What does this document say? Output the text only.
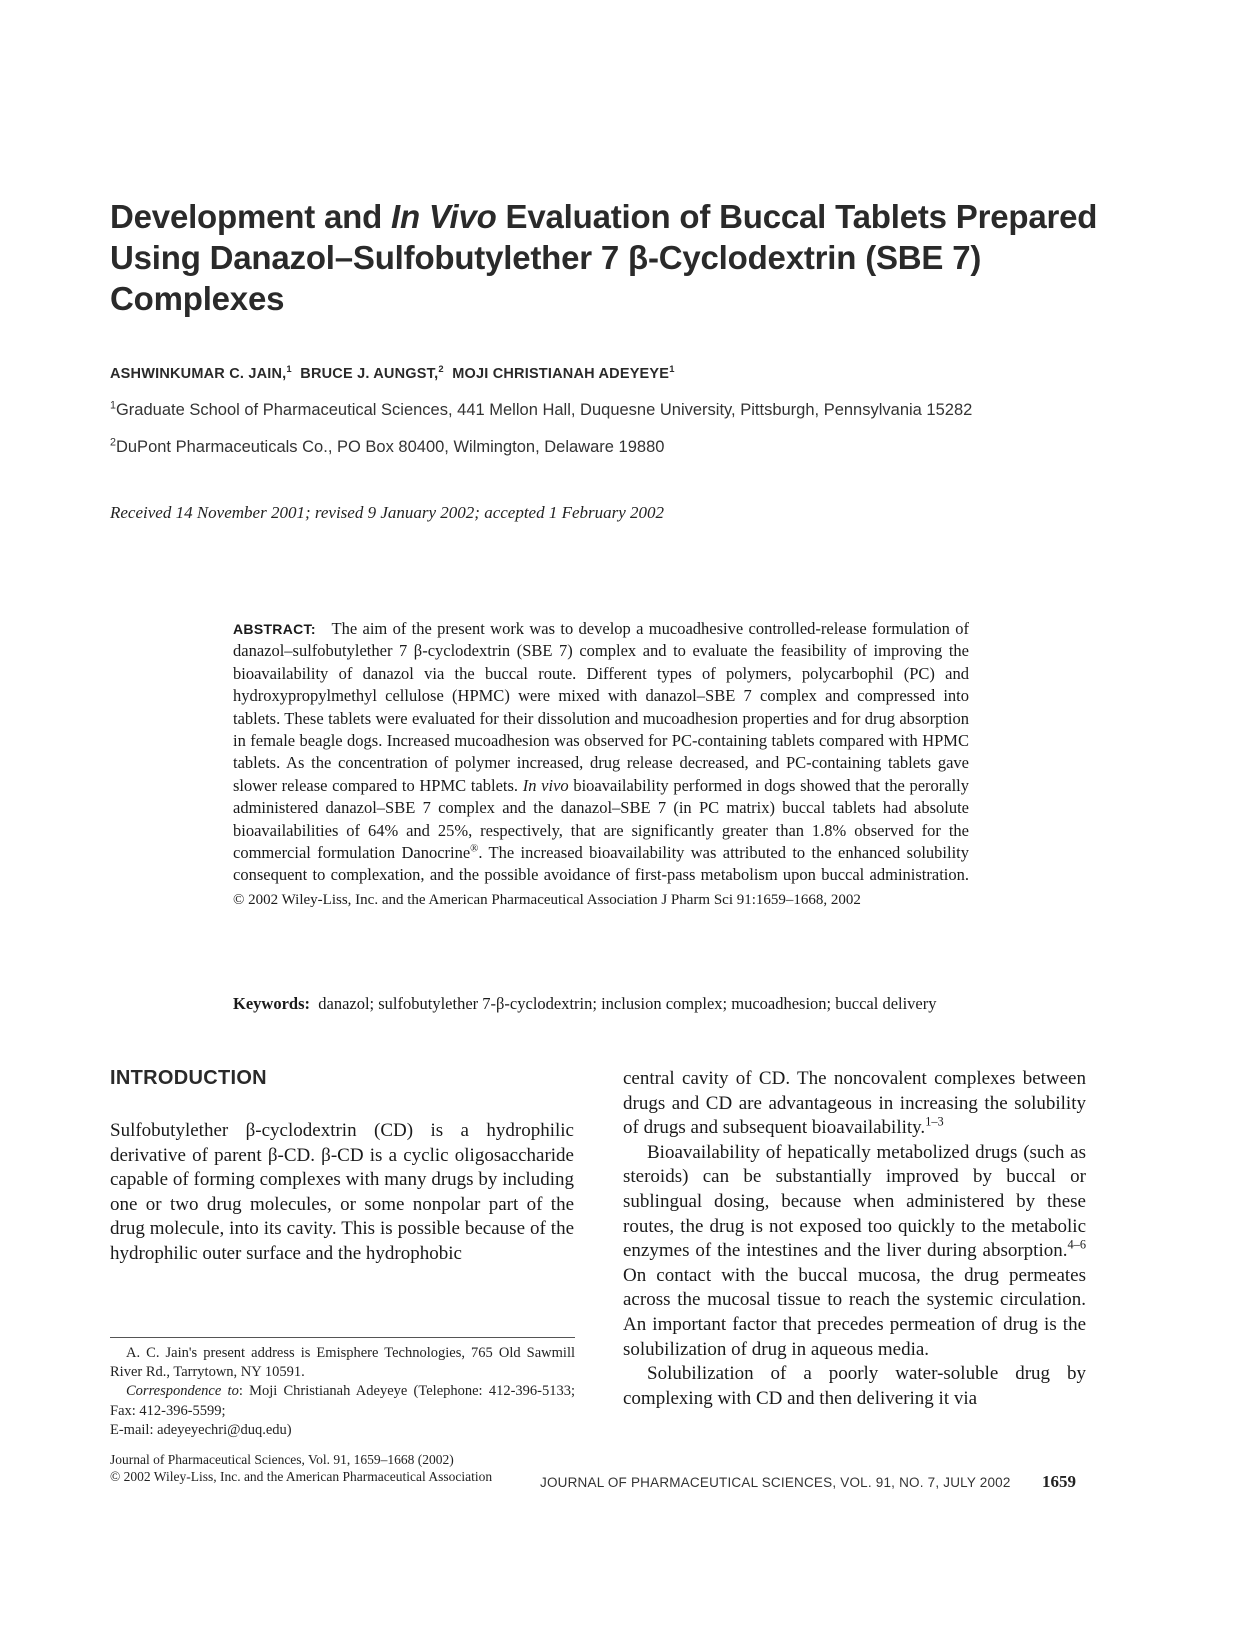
Development and In Vivo Evaluation of Buccal Tablets Prepared Using Danazol–Sulfobutylether 7 β-Cyclodextrin (SBE 7) Complexes
ASHWINKUMAR C. JAIN,$^1$ BRUCE J. AUNGST,$^2$ MOJI CHRISTIANAH ADEYEYE$^1$
$^1$Graduate School of Pharmaceutical Sciences, 441 Mellon Hall, Duquesne University, Pittsburgh, Pennsylvania 15282
$^2$DuPont Pharmaceuticals Co., PO Box 80400, Wilmington, Delaware 19880
Received 14 November 2001; revised 9 January 2002; accepted 1 February 2002
ABSTRACT: The aim of the present work was to develop a mucoadhesive controlled-release formulation of danazol–sulfobutylether 7 β-cyclodextrin (SBE 7) complex and to evaluate the feasibility of improving the bioavailability of danazol via the buccal route. Different types of polymers, polycarbophil (PC) and hydroxypropylmethyl cellulose (HPMC) were mixed with danazol–SBE 7 complex and compressed into tablets. These tablets were evaluated for their dissolution and mucoadhesion properties and for drug absorption in female beagle dogs. Increased mucoadhesion was observed for PC-containing tablets compared with HPMC tablets. As the concentration of polymer increased, drug release decreased, and PC-containing tablets gave slower release compared to HPMC tablets. In vivo bioavailability performed in dogs showed that the perorally administered danazol–SBE 7 complex and the danazol–SBE 7 (in PC matrix) buccal tablets had absolute bioavailabilities of 64% and 25%, respectively, that are significantly greater than 1.8% observed for the commercial formulation Danocrine®. The increased bioavailability was attributed to the enhanced solubility consequent to complexation, and the possible avoidance of first-pass metabolism upon buccal administration. © 2002 Wiley-Liss, Inc. and the American Pharmaceutical Association J Pharm Sci 91:1659–1668, 2002
Keywords: danazol; sulfobutylether 7-β-cyclodextrin; inclusion complex; mucoadhesion; buccal delivery
INTRODUCTION
Sulfobutylether β-cyclodextrin (CD) is a hydrophilic derivative of parent β-CD. β-CD is a cyclic oligosaccharide capable of forming complexes with many drugs by including one or two drug molecules, or some nonpolar part of the drug molecule, into its cavity. This is possible because of the hydrophilic outer surface and the hydrophobic

central cavity of CD. The noncovalent complexes between drugs and CD are advantageous in increasing the solubility of drugs and subsequent bioavailability.$^{1-3}$

Bioavailability of hepatically metabolized drugs (such as steroids) can be substantially improved by buccal or sublingual dosing, because when administered by these routes, the drug is not exposed too quickly to the metabolic enzymes of the intestines and the liver during absorption.$^{4-6}$ On contact with the buccal mucosa, the drug permeates across the mucosal tissue to reach the systemic circulation. An important factor that precedes permeation of drug is the solubilization of drug in aqueous media.

Solubilization of a poorly water-soluble drug by complexing with CD and then delivering it via

A. C. Jain's present address is Emisphere Technologies, 765 Old Sawmill River Rd., Tarrytown, NY 10591.

Correspondence to: Moji Christianah Adeyeye (Telephone: 412-396-5133; Fax: 412-396-5599;

E-mail: adeyeyechri@duq.edu)

Journal of Pharmaceutical Sciences, Vol. 91, 1659–1668 (2002)
© 2002 Wiley-Liss, Inc. and the American Pharmaceutical Association	JOURNAL OF PHARMACEUTICAL SCIENCES, VOL. 91, NO. 7, JULY 2002 1659
